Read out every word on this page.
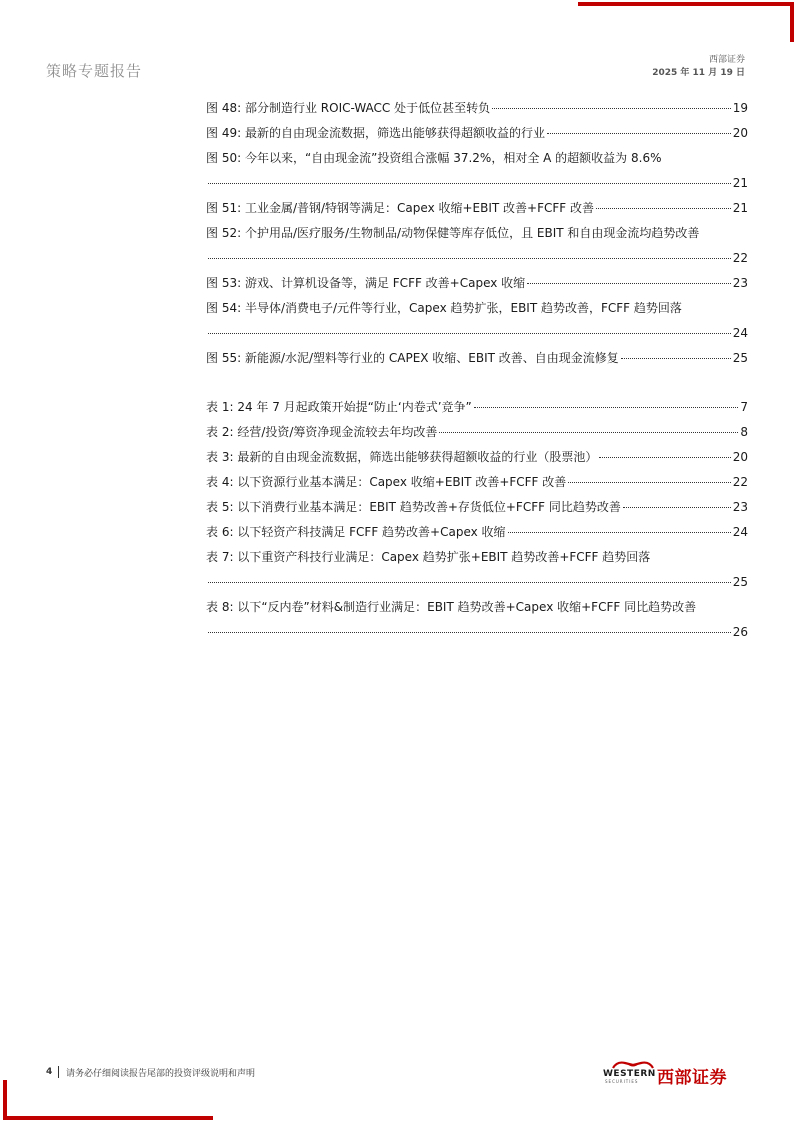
策略专题报告
西部证券
2025 年 11 月 19 日
图 48: 部分制造行业 ROIC-WACC 处于低位甚至转负	19
图 49: 最新的自由现金流数据，筛选出能够获得超额收益的行业	20
图 50: 今年以来，“自由现金流”投资组合涨幅 37.2%，相对全 A 的超额收益为 8.6%
21
图 51: 工业金属/普钢/特钢等满足：Capex 收缩+EBIT 改善+FCFF 改善	21
图 52: 个护用品/医疗服务/生物制品/动物保健等库存低位，且 EBIT 和自由现金流均趋势改善
22
图 53: 游戏、计算机设备等，满足 FCFF 改善+Capex 收缩	23
图 54: 半导体/消费电子/元件等行业，Capex 趋势扩张，EBIT 趋势改善，FCFF 趋势回落
24
图 55: 新能源/水泥/塑料等行业的 CAPEX 收缩、EBIT 改善、自由现金流修复	25
表 1: 24 年 7 月起政策开始提“防止‘内卷式’竞争”	7
表 2: 经营/投资/筹资净现金流较去年均改善	8
表 3: 最新的自由现金流数据，筛选出能够获得超额收益的行业（股票池）	20
表 4: 以下资源行业基本满足：Capex 收缩+EBIT 改善+FCFF 改善	22
表 5: 以下消费行业基本满足：EBIT 趋势改善+存货低位+FCFF 同比趋势改善	23
表 6: 以下轻资产科技满足 FCFF 趋势改善+Capex 收缩	24
表 7: 以下重资产科技行业满足：Capex 趋势扩张+EBIT 趋势改善+FCFF 趋势回落
25
表 8: 以下“反内卷”材料&制造行业满足：EBIT 趋势改善+Capex 收缩+FCFF 同比趋势改善
26
4 请务必仔细阅读报告尾部的投资评级说明和声明	WESTERN
SECURITIES 西部证券
